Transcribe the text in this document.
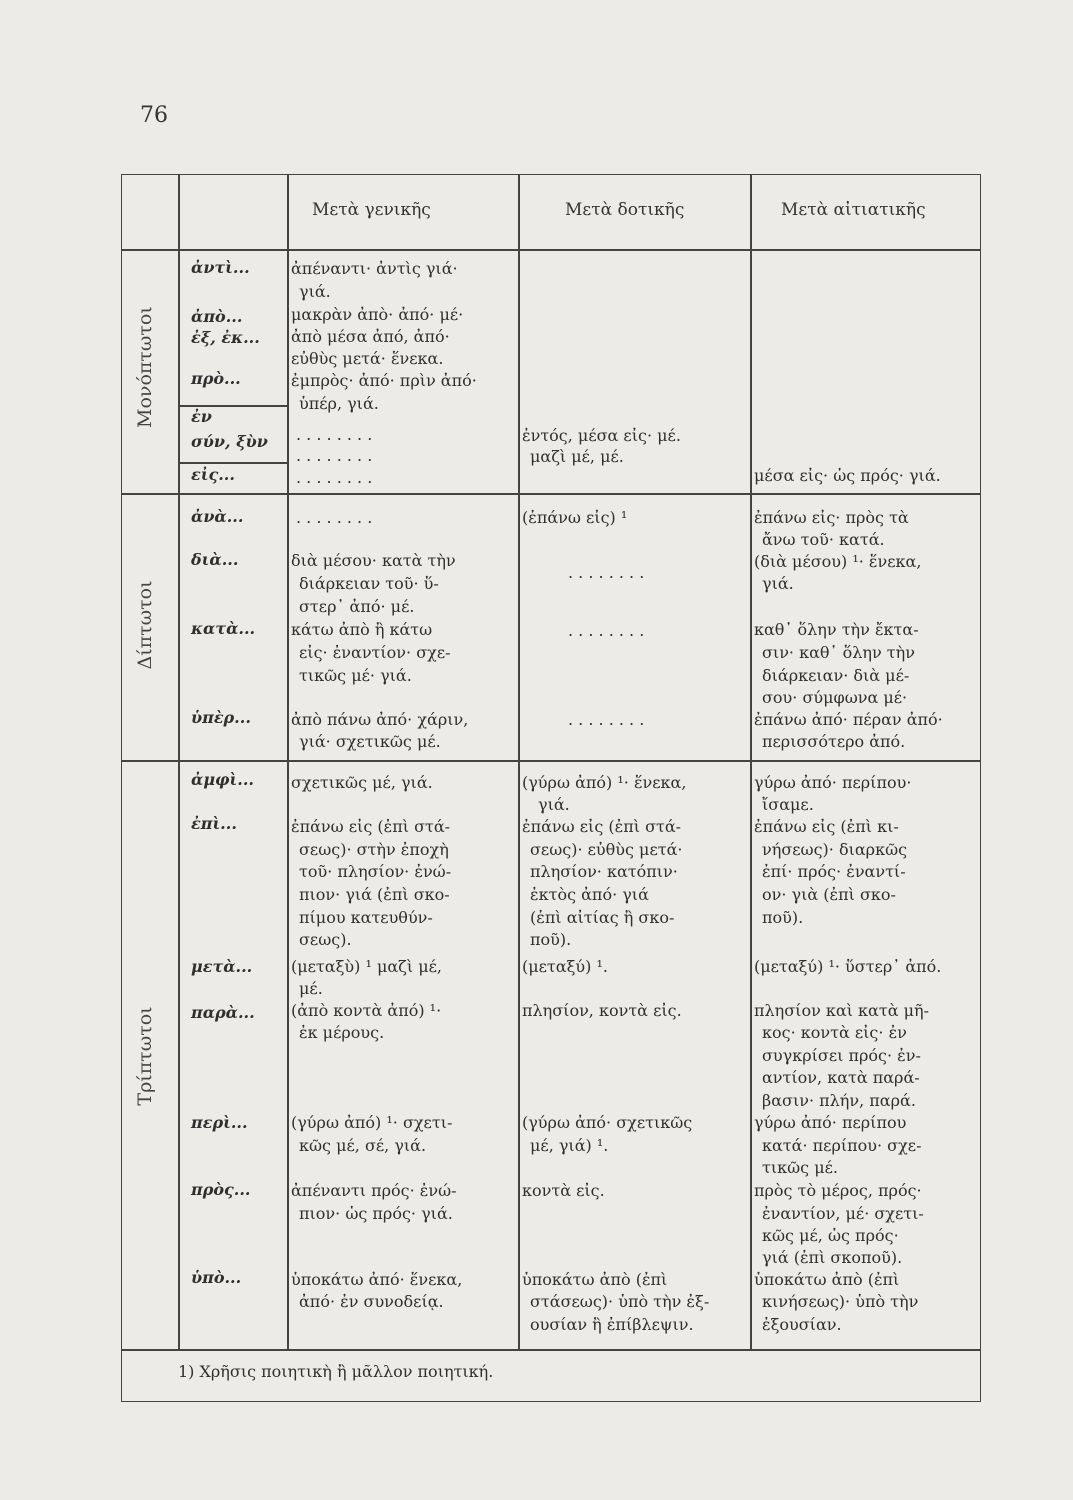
76
Μετὰ γενικῆς	Μετὰ δοτικῆς	Μετὰ αἰτιατικῆς
Μονόπτωτοι
Δίπτωτοι
Τρίπτωτοι
ἀντὶ...
ἀπὸ...
ἐξ, ἐκ...
πρὸ...
ἐν
σύν, ξὺν
εἰς...
ἀνὰ...
διὰ...
κατὰ...
ὑπὲρ...
ἀμφὶ...
ἐπὶ...
μετὰ...
παρὰ...
περὶ...
πρὸς...
ὑπὸ...
ἀπέναντι· ἀντὶς γιά·
γιά.
μακρὰν ἀπὸ· ἀπό· μέ·
ἀπὸ μέσα ἀπό, ἀπό·
εὐθὺς μετά· ἕνεκα.
ἐμπρὸς· ἀπό· πρὶν ἀπό·
ὑπέρ, γιά.
. . . . . . . .
. . . . . . . .
. . . . . . . .
. . . . . . . .
διὰ μέσου· κατὰ τὴν
διάρκειαν τοῦ· ὕ-
στερ᾽ ἀπό· μέ.
κάτω ἀπὸ ἢ κάτω
εἰς· ἐναντίον· σχε-
τικῶς μέ· γιά.
ἀπὸ πάνω ἀπό· χάριν,
γιά· σχετικῶς μέ.
σχετικῶς μέ, γιά.
ἐπάνω εἰς (ἐπὶ στά-
σεως)· στὴν ἐποχὴ
τοῦ· πλησίον· ἐνώ-
πιον· γιά (ἐπὶ σκο-
πίμου κατευθύν-
σεως).
(μεταξὺ) ¹ μαζὶ μέ,
μέ.
(ἀπὸ κοντὰ ἀπό) ¹·
ἐκ μέρους.
(γύρω ἀπό) ¹· σχετι-
κῶς μέ, σέ, γιά.
ἀπέναντι πρός· ἐνώ-
πιον· ὡς πρός· γιά.
ὑποκάτω ἀπό· ἕνεκα,
ἀπό· ἐν συνοδείᾳ.
ἐντός, μέσα εἰς· μέ.
μαζὶ μέ, μέ.
(ἐπάνω εἰς) ¹
. . . . . . . .
. . . . . . . .
. . . . . . . .
(γύρω ἀπό) ¹· ἕνεκα,
γιά.
ἐπάνω εἰς (ἐπὶ στά-
σεως)· εὐθὺς μετά·
πλησίον· κατόπιν·
ἐκτὸς ἀπό· γιά
(ἐπὶ αἰτίας ἢ σκο-
ποῦ).
(μεταξύ) ¹.
πλησίον, κοντὰ εἰς.
(γύρω ἀπό· σχετικῶς
μέ, γιά) ¹.
κοντὰ εἰς.
ὑποκάτω ἀπὸ (ἐπὶ
στάσεως)· ὑπὸ τὴν ἐξ-
ουσίαν ἢ ἐπίβλεψιν.
μέσα εἰς· ὡς πρός· γιά.
ἐπάνω εἰς· πρὸς τὰ
ἄνω τοῦ· κατά.
(διὰ μέσου) ¹· ἕνεκα,
γιά.
καθ᾽ ὅλην τὴν ἔκτα-
σιν· καθ᾽ ὅλην τὴν
διάρκειαν· διὰ μέ-
σου· σύμφωνα μέ·
ἐπάνω ἀπό· πέραν ἀπό·
περισσότερο ἀπό.
γύρω ἀπό· περίπου·
ἴσαμε.
ἐπάνω εἰς (ἐπὶ κι-
νήσεως)· διαρκῶς
ἐπί· πρός· ἐναντί-
ον· γιὰ (ἐπὶ σκο-
ποῦ).
(μεταξύ) ¹· ὕστερ᾽ ἀπό.
πλησίον καὶ κατὰ μῆ-
κος· κοντὰ εἰς· ἐν
συγκρίσει πρός· ἐν-
αντίον, κατὰ παρά-
βασιν· πλήν, παρά.
γύρω ἀπό· περίπου
κατά· περίπου· σχε-
τικῶς μέ.
πρὸς τὸ μέρος, πρός·
ἐναντίον, μέ· σχετι-
κῶς μέ, ὡς πρός·
γιά (ἐπὶ σκοποῦ).
ὑποκάτω ἀπὸ (ἐπὶ
κινήσεως)· ὑπὸ τὴν
ἐξουσίαν.
1) Χρῆσις ποιητικὴ ἢ μᾶλλον ποιητική.
